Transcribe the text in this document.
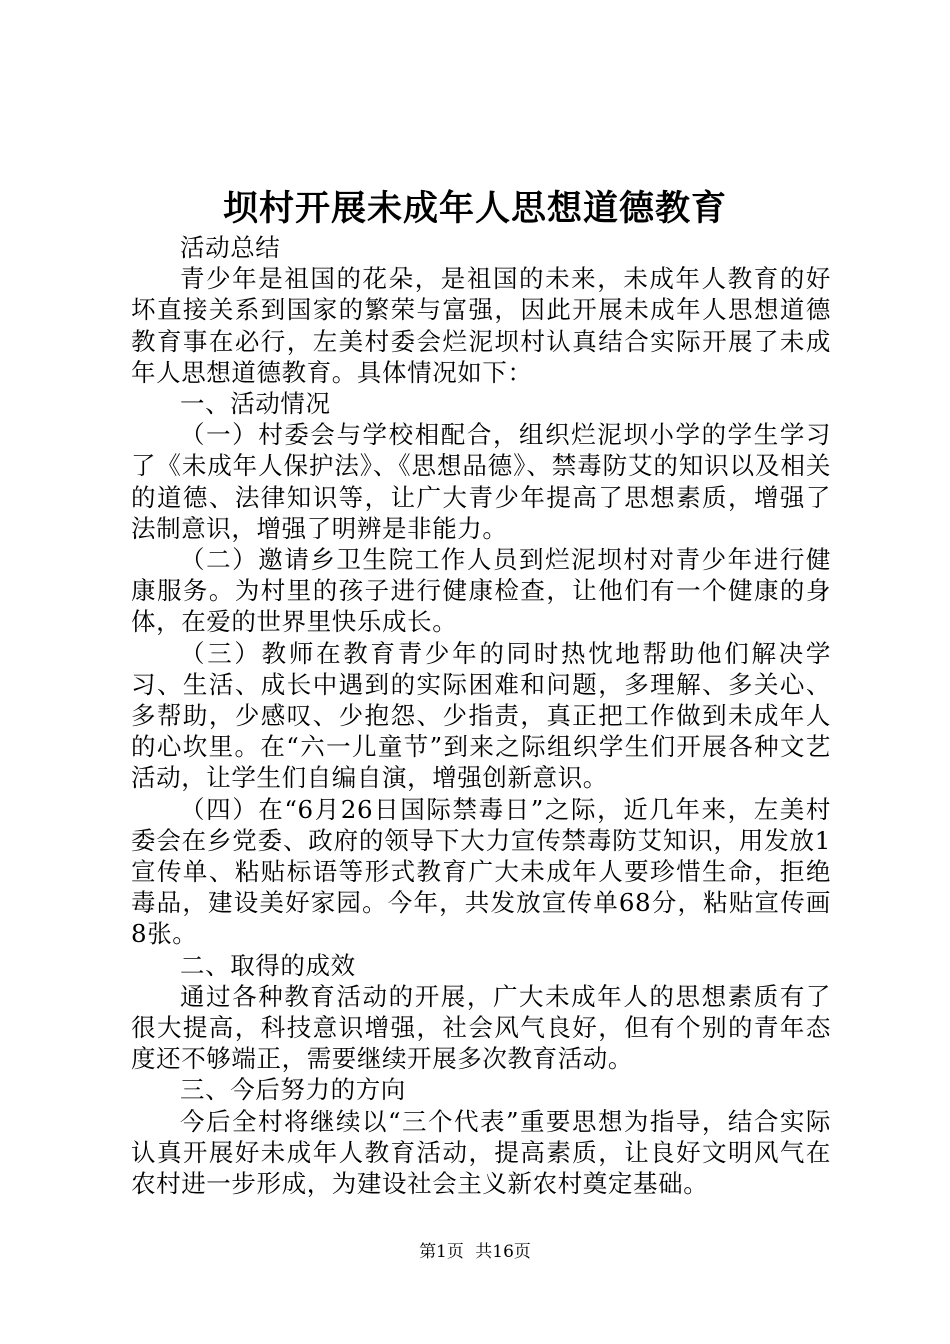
坝村开展未成年人思想道德教育

活动总结

青少年是祖国的花朵，是祖国的未来，未成年人教育的好坏直接关系到国家的繁荣与富强，因此开展未成年人思想道德教育事在必行，左美村委会烂泥坝村认真结合实际开展了未成年人思想道德教育。具体情况如下：

一、活动情况

（一）村委会与学校相配合，组织烂泥坝小学的学生学习了《未成年人保护法》、《思想品德》、禁毒防艾的知识以及相关的道德、法律知识等，让广大青少年提高了思想素质，增强了法制意识，增强了明辨是非能力。

（二）邀请乡卫生院工作人员到烂泥坝村对青少年进行健康服务。为村里的孩子进行健康检查，让他们有一个健康的身体，在爱的世界里快乐成长。

（三）教师在教育青少年的同时热忱地帮助他们解决学习、生活、成长中遇到的实际困难和问题，多理解、多关心、多帮助，少感叹、少抱怨、少指责，真正把工作做到未成年人的心坎里。在“六一儿童节”到来之际组织学生们开展各种文艺活动，让学生们自编自演，增强创新意识。

（四）在“6月26日国际禁毒日”之际，近几年来，左美村委会在乡党委、政府的领导下大力宣传禁毒防艾知识，用发放1宣传单、粘贴标语等形式教育广大未成年人要珍惜生命，拒绝毒品，建设美好家园。今年，共发放宣传单68分，粘贴宣传画8张。

二、取得的成效

通过各种教育活动的开展，广大未成年人的思想素质有了很大提高，科技意识增强，社会风气良好，但有个别的青年态度还不够端正，需要继续开展多次教育活动。

三、今后努力的方向

今后全村将继续以“三个代表”重要思想为指导，结合实际认真开展好未成年人教育活动，提高素质，让良好文明风气在农村进一步形成，为建设社会主义新农村奠定基础。

第1页 共16页
